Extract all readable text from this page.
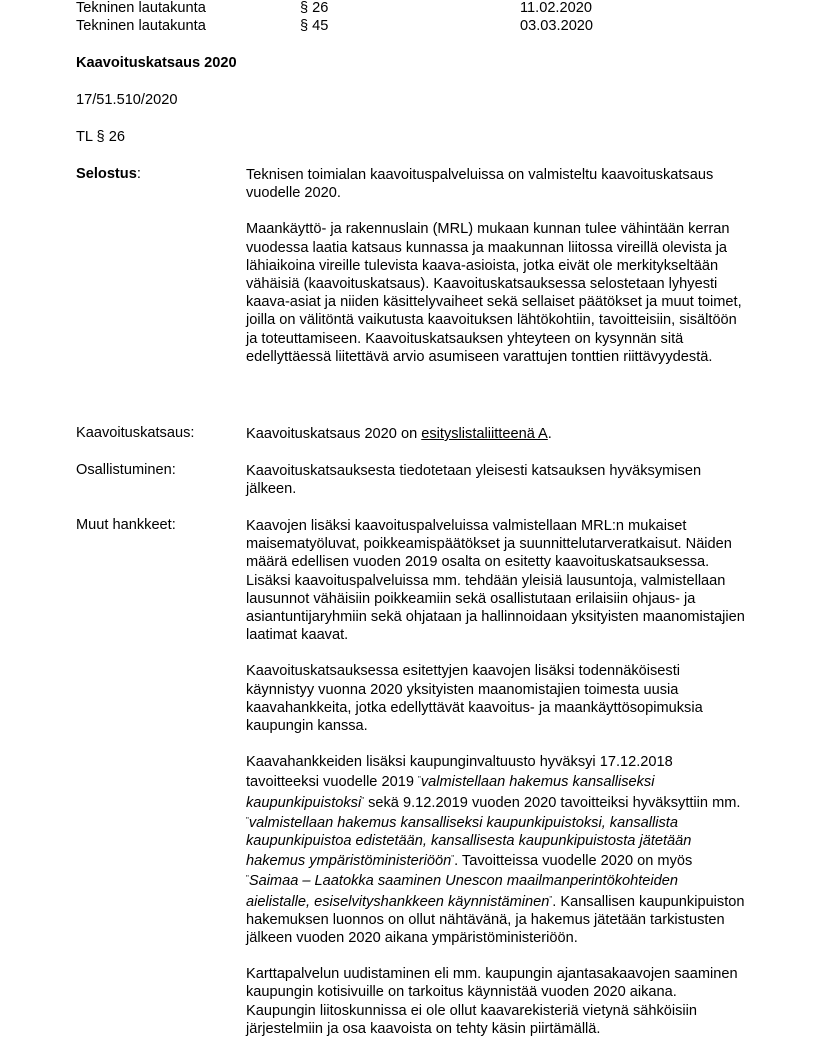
Tekninen lautakunta	§ 26	11.02.2020
Tekninen lautakunta	§ 45	03.03.2020
Kaavoituskatsaus 2020
17/51.510/2020
TL § 26
Selostus:	Teknisen toimialan kaavoituspalveluissa on valmisteltu kaavoituskatsaus vuodelle 2020.

Maankäyttö- ja rakennuslain (MRL) mukaan kunnan tulee vähintään kerran vuodessa laatia katsaus kunnassa ja maakunnan liitossa vireillä olevista ja lähiaikoina vireille tulevista kaava-asioista, jotka eivät ole merkitykseltään vähäisiä (kaavoituskatsaus). Kaavoituskatsauksessa selostetaan lyhyesti kaava-asiat ja niiden käsittelyvaiheet sekä sellaiset päätökset ja muut toimet, joilla on välitöntä vaikutusta kaavoituksen lähtökohtiin, tavoitteisiin, sisältöön ja toteuttamiseen. Kaavoituskatsauksen yhteyteen on kysynnän sitä edellyttäessä liitettävä arvio asumiseen varattujen tonttien riittävyydestä.

Kaavoituskatsaus:	Kaavoituskatsaus 2020 on esityslistaliitteenä A.

Osallistuminen:	Kaavoituskatsauksesta tiedotetaan yleisesti katsauksen hyväksymisen jälkeen.

Muut hankkeet:	Kaavojen lisäksi kaavoituspalveluissa valmistellaan MRL:n mukaiset maisematyöluvat, poikkeamispäätökset ja suunnittelutarveratkaisut. Näiden määrä edellisen vuoden 2019 osalta on esitetty kaavoituskatsauksessa. Lisäksi kaavoituspalveluissa mm. tehdään yleisiä lausuntoja, valmistellaan lausunnot vähäisiin poikkeamiin sekä osallistutaan erilaisiin ohjaus- ja asiantuntijaryhmiin sekä ohjataan ja hallinnoidaan yksityisten maanomistajien laatimat kaavat.

Kaavoituskatsauksessa esitettyjen kaavojen lisäksi todennäköisesti käynnistyy vuonna 2020 yksityisten maanomistajien toimesta uusia kaavahankkeita, jotka edellyttävät kaavoitus- ja maankäyttösopimuksia kaupungin kanssa.

Kaavahankkeiden lisäksi kaupunginvaltuusto hyväksyi 17.12.2018 tavoitteeksi vuodelle 2019 "valmistellaan hakemus kansalliseksi kaupunkipuistoksi" sekä 9.12.2019 vuoden 2020 tavoitteiksi hyväksyttiin mm. "valmistellaan hakemus kansalliseksi kaupunkipuistoksi, kansallista kaupunkipuistoa edistetään, kansallisesta kaupunkipuistosta jätetään hakemus ympäristöministeriöön". Tavoitteissa vuodelle 2020 on myös "Saimaa – Laatokka saaminen Unescon maailmanperintökohteiden aielistalle, esiselvityshankkeen käynnistäminen". Kansallisen kaupunkipuiston hakemuksen luonnos on ollut nähtävänä, ja hakemus jätetään tarkistusten jälkeen vuoden 2020 aikana ympäristöministeriöön.

Karttapalvelun uudistaminen eli mm. kaupungin ajantasakaavojen saaminen kaupungin kotisivuille on tarkoitus käynnistää vuoden 2020 aikana. Kaupungin liitoskunnissa ei ole ollut kaavarekisteriä vietynä sähköisiin järjestelmiin ja osa kaavoista on tehty käsin piirtämällä.
